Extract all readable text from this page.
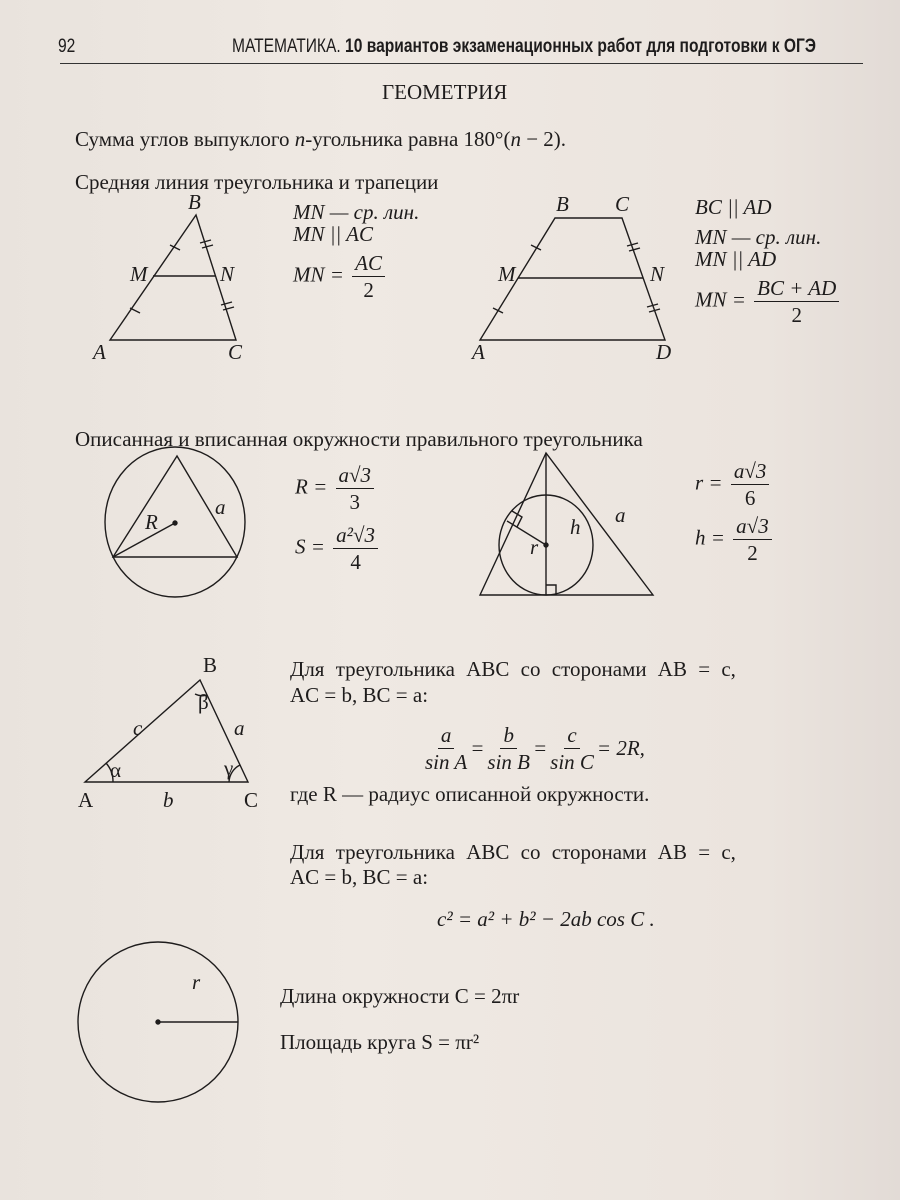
92	МАТЕМАТИКА. 10 вариантов экзаменационных работ для подготовки к ОГЭ
ГЕОМЕТРИЯ
Сумма углов выпуклого n-угольника равна 180°(n − 2).
Средняя линия треугольника и трапеции
B
M	N
A	C
MN — ср. лин.
MN || AC
MN = $\frac{AC}{2}$
B C
M	N
A	D
BC || AD
MN — ср. лин.
MN || AD
MN = $\frac{BC + AD}{2}$
Описанная и вписанная окружности правильного треугольника
R
a
$R = \frac{a√3}{3}$
$S = \frac{\text{a²√3}}{4}$	r
h a
$r = \frac{a√3}{6}$
$h = \frac{a√3}{2}$
B
A	C
c	a
b
α
β
γ
Для треугольника ABC со сторонами AB = c,
AC = b, BC = a:
$\frac{a}{\text{sin A}} = \frac{b}{\text{sin B}} = \frac{c}{\text{sin C}} = 2R$,
где R — радиус описанной окружности.
Для треугольника ABC со сторонами AB = c,
AC = b, BC = a:
c² = a² + b² − 2ab cos C .
r
Длина окружности C = 2πr
Площадь круга S = πr²
